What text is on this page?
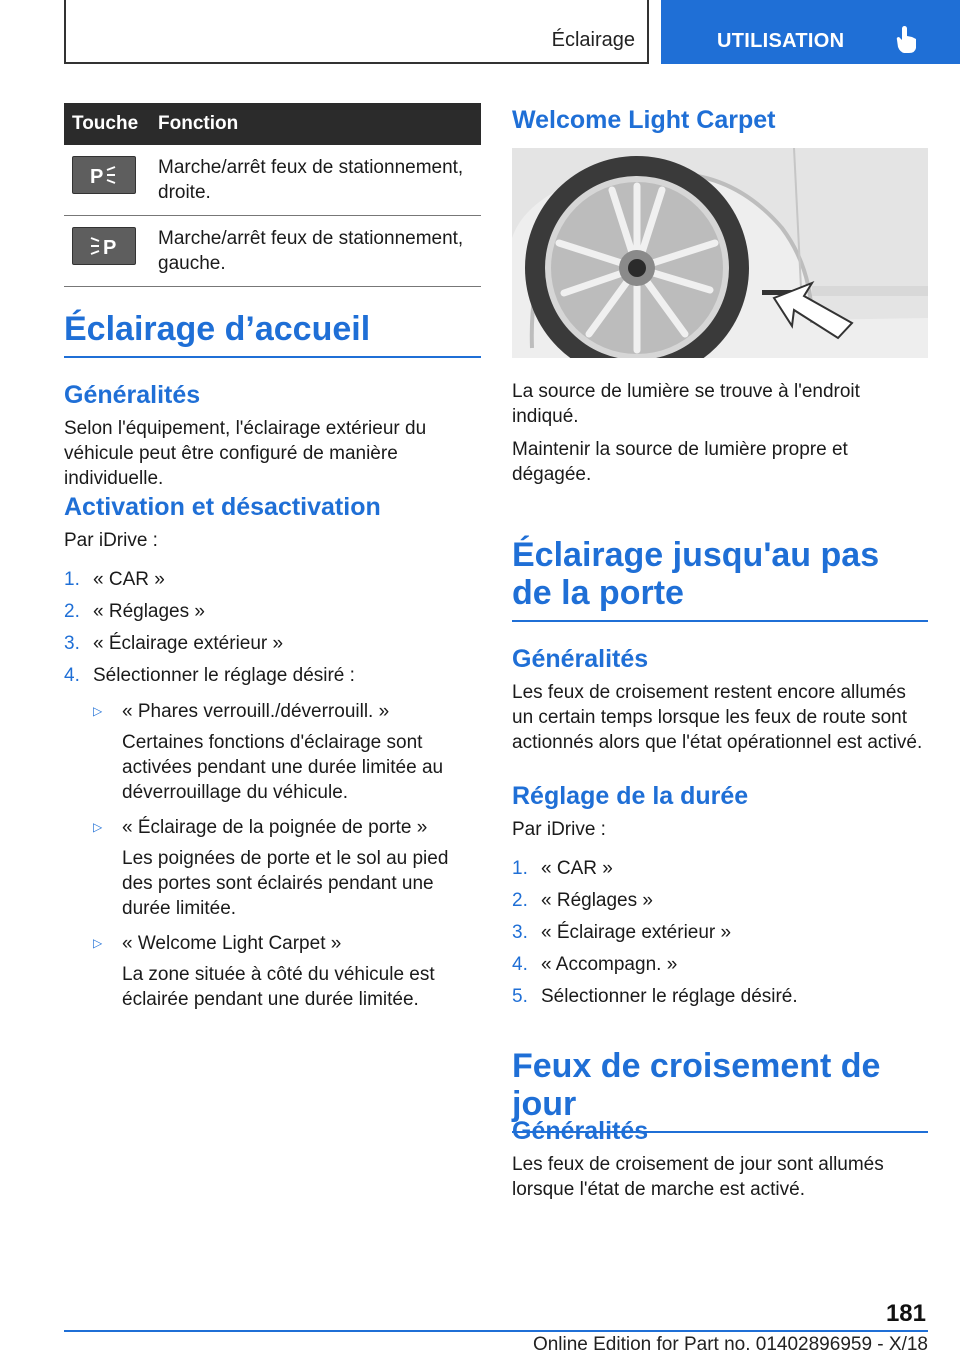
Éclairage	UTILISATION
Touche	Fonction

P	Marche/arrêt feux de stationnement, droite.

P	Marche/arrêt feux de stationnement, gauche.
Éclairage d’accueil
Généralités

Selon l'équipement, l'éclairage extérieur du véhicule peut être configuré de manière individuelle.

Activation et désactivation

Par iDrive :

1. « CAR »
2. « Réglages »
3. « Éclairage extérieur »
4. Sélectionner le réglage désiré :
▷ « Phares verrouill./déverrouill. »
Certaines fonctions d'éclairage sont activées pendant une durée limitée au déverrouillage du véhicule.
▷ « Éclairage de la poignée de porte »
Les poignées de porte et le sol au pied des portes sont éclairés pendant une durée limitée.
▷ « Welcome Light Carpet »
La zone située à côté du véhicule est éclairée pendant une durée limitée.
Welcome Light Carpet

La source de lumière se trouve à l'endroit indiqué.

Maintenir la source de lumière propre et dégagée.

Éclairage jusqu'au pas de la porte
Généralités

Les feux de croisement restent encore allumés un certain temps lorsque les feux de route sont actionnés alors que l'état opérationnel est activé.

Réglage de la durée

Par iDrive :

1. « CAR »
2. « Réglages »
3. « Éclairage extérieur »
4. « Accompagn. »
5. Sélectionner le réglage désiré.
Feux de croisement de jour
Généralités

Les feux de croisement de jour sont allumés lorsque l'état de marche est activé.

181
Online Edition for Part no. 01402896959 - X/18
